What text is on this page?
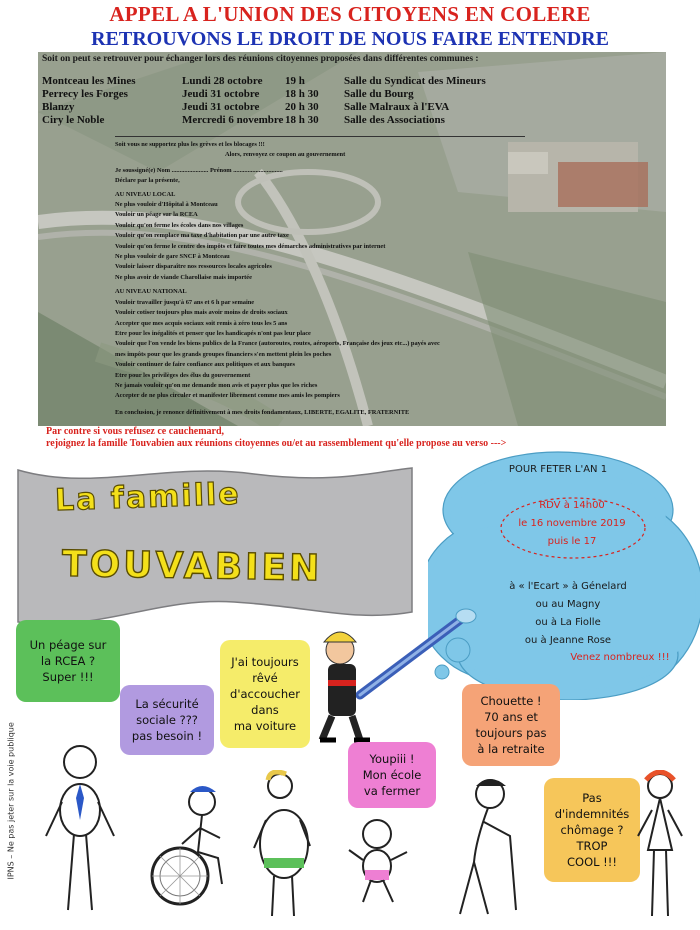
APPEL A L'UNION DES CITOYENS EN COLERE
RETROUVONS LE DROIT DE NOUS FAIRE ENTENDRE
Soit on peut se retrouver pour échanger lors des réunions citoyennes proposées dans différentes communes :
Montceau les Mines	Lundi 28 octobre 19 h	Salle du Syndicat des Mineurs
Perrecy les Forges	Jeudi 31 octobre 18 h 30 Salle du Bourg
Blanzy	Jeudi 31 octobre 20 h 30 Salle Malraux à l'EVA
Ciry le Noble	Mercredi 6 novembre 18 h 30 Salle des Associations
Soit vous ne supportez plus les grèves et les blocages !!!
Alors, renvoyez ce coupon au gouvernement
Je soussigné(e) Nom ....................... Prénom ...............................
Déclare par la présente,
AU NIVEAU LOCAL
Ne plus vouloir d'Hôpital à Montceau
Vouloir un péage sur la RCEA
Vouloir qu'on ferme les écoles dans nos villages
Vouloir qu'on remplace ma taxe d'habitation par une autre taxe
Vouloir qu'on ferme le centre des impôts et faire toutes mes démarches administratives par internet
Ne plus vouloir de gare SNCF à Montceau
Vouloir laisser disparaître nos ressources locales agricoles
Ne plus avoir de viande Charollaise mais importée
AU NIVEAU NATIONAL
Vouloir travailler jusqu'à 67 ans et 6 h par semaine
Vouloir cotiser toujours plus mais avoir moins de droits sociaux
Accepter que mes acquis sociaux soit remis à zéro tous les 5 ans
Etre pour les inégalités et penser que les handicapés n'ont pas leur place
Vouloir que l'on vende les biens publics de la France (autoroutes, routes, aéroports, Française des jeux etc...) payés avec
mes impôts pour que les grands groupes financiers s'en mettent plein les poches
Vouloir continuer de faire confiance aux politiques et aux banques
Etre pour les privilèges des élus du gouvernement
Ne jamais vouloir qu'on me demande mon avis et payer plus que les riches
Accepter de ne plus circuler et manifester librement comme mes amis les pompiers
En conclusion, je renonce définitivement à mes droits fondamentaux, LIBERTE, EGALITE, FRATERNITE
Par contre si vous refusez ce cauchemard,
rejoignez la famille Touvabien aux réunions citoyennes ou/et au rassemblement qu'elle propose au verso --->
La famille
TOUVABIEN
POUR FETER L'AN 1
RDV à 14h00
le 16 novembre 2019
puis le 17
à « l'Ecart » à Génelard
ou au Magny
ou à La Fiolle
ou à Jeanne Rose
Venez nombreux !!!
Un péage sur
la RCEA ?
Super !!!
La sécurité
sociale ???
pas besoin !
J'ai toujours
rêvé
d'accoucher
dans
ma voiture
Youpiii !
Mon école
va fermer
Chouette !
70 ans et
toujours pas
à la retraite
Pas
d'indemnités
chômage ?
TROP
COOL !!!
IPNS – Ne pas jeter sur la voie publique
